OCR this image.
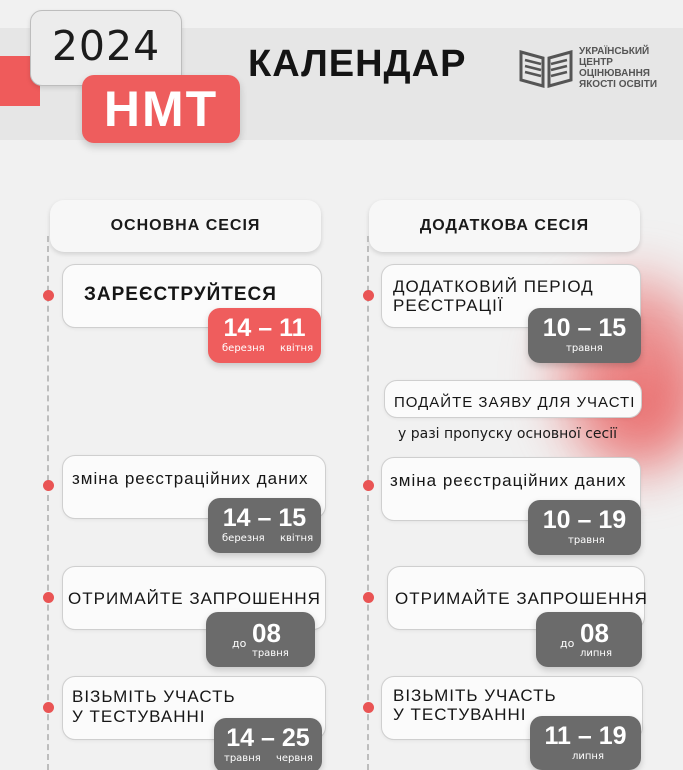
2024
НМТ
КАЛЕНДАР	УКРАЇНСЬКИЙ
ЦЕНТР
ОЦІНЮВАННЯ
ЯКОСТІ ОСВІТИ
ОСНОВНА СЕСІЯ	ДОДАТКОВА СЕСІЯ
ЗАРЕЄСТРУЙТЕСЯ
14 – 11
березня квітня
зміна реєстраційних даних
14 – 15
березня квітня
ОТРИМАЙТЕ ЗАПРОШЕННЯ
до 08
травня
ВІЗЬМІТЬ УЧАСТЬ
У ТЕСТУВАННІ
14 – 25
травня червня
ДОДАТКОВИЙ ПЕРІОД
РЕЄСТРАЦІЇ
10 – 15
травня
ПОДАЙТЕ ЗАЯВУ ДЛЯ УЧАСТІ
у разі пропуску основної сесії
зміна реєстраційних даних
10 – 19
травня
ОТРИМАЙТЕ ЗАПРОШЕННЯ
до 08
липня
ВІЗЬМІТЬ УЧАСТЬ
У ТЕСТУВАННІ
11 – 19
липня
